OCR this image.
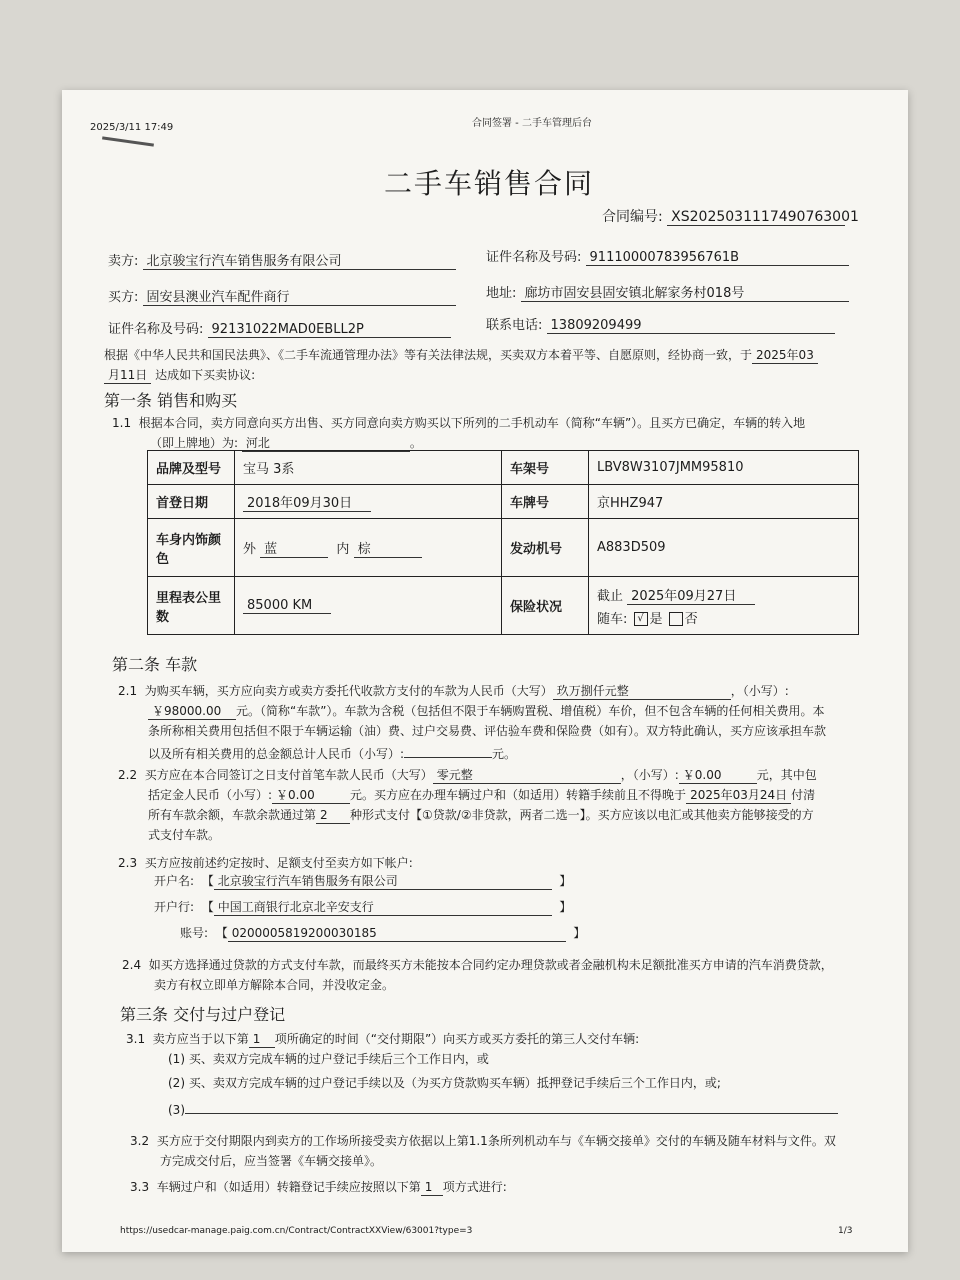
2025/3/11 17:49	合同签署 - 二手车管理后台
二手车销售合同
合同编号: XS2025031117490763001
卖方: 北京骏宝行汽车销售服务有限公司	证件名称及号码: 91110000783956761B
买方: 固安县澳业汽车配件商行	地址: 廊坊市固安县固安镇北解家务村018号
证件名称及号码: 92131022MAD0EBLL2P	联系电话: 13809209499
根据《中华人民共和国民法典》、《二手车流通管理办法》等有关法律法规，买卖双方本着平等、自愿原则，经协商一致，于 2025年03
月11日 达成如下买卖协议:
第一条 销售和购买
1.1 根据本合同，卖方同意向买方出售、买方同意向卖方购买以下所列的二手机动车（简称“车辆”）。且买方已确定，车辆的转入地
（即上牌地）为: 河北	。
品牌及型号	宝马 3系	车架号	LBV8W3107JMM95810
首登日期	2018年09月30日	车牌号	京HHZ947
车身内饰颜色	外 蓝 内 棕	发动机号	A883D509
里程表公里数	85000 KM	保险状况	截止 2025年09月27日
随车: √ 是 否
第二条 车款
2.1 为购买车辆，买方应向卖方或卖方委托代收款方支付的车款为人民币（大写） 玖万捌仟元整	，（小写）:
￥98000.00 元。（简称“车款”）。车款为含税（包括但不限于车辆购置税、增值税）车价，但不包含车辆的任何相关费用。本
条所称相关费用包括但不限于车辆运输（油）费、过户交易费、评估验车费和保险费（如有）。双方特此确认，买方应该承担车款
以及所有相关费用的总金额总计人民币（小写）:	元。
2.2 买方应在本合同签订之日支付首笔车款人民币（大写） 零元整	，（小写）: ￥0.00	元，其中包
括定金人民币（小写）: ￥0.00	元。买方应在办理车辆过户和（如适用）转籍手续前且不得晚于 2025年03月24日 付清
所有车款余额，车款余款通过第 2 种形式支付【①贷款/②非贷款，两者二选一】。买方应该以电汇或其他卖方能够接受的方
式支付车款。
2.3 买方应按前述约定按时、足额支付至卖方如下帐户:
开户名: 【 北京骏宝行汽车销售服务有限公司	】
开户行: 【 中国工商银行北京北辛安支行	】
账号: 【 0200005819200030185	】
2.4 如买方选择通过贷款的方式支付车款，而最终买方未能按本合同约定办理贷款或者金融机构未足额批准买方申请的汽车消费贷款，
卖方有权立即单方解除本合同，并没收定金。
第三条 交付与过户登记
3.1 卖方应当于以下第 1 项所确定的时间（“交付期限”）向买方或买方委托的第三人交付车辆:
(1) 买、卖双方完成车辆的过户登记手续后三个工作日内，或
(2) 买、卖双方完成车辆的过户登记手续以及（为买方贷款购买车辆）抵押登记手续后三个工作日内，或;
(3)
3.2 买方应于交付期限内到卖方的工作场所接受卖方依据以上第1.1条所列机动车与《车辆交接单》交付的车辆及随车材料与文件。双
方完成交付后，应当签署《车辆交接单》。
3.3 车辆过户和（如适用）转籍登记手续应按照以下第 1 项方式进行:
https://usedcar-manage.paig.com.cn/Contract/ContractXXView/63001?type=3	1/3
